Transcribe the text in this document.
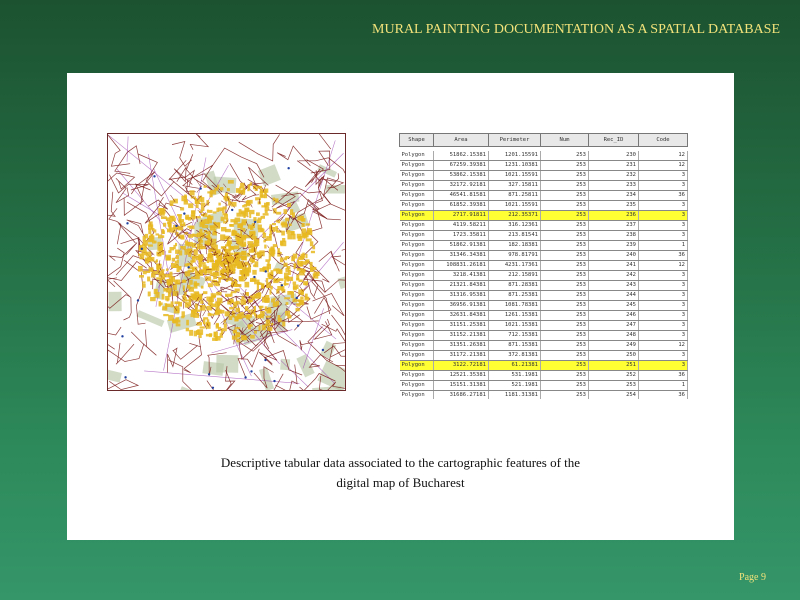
MURAL PAINTING DOCUMENTATION AS A SPATIAL DATABASE
Shape	Area	Perimeter	Num	Rec_ID	Code

Polygon	51862.15381	1201.15591	253	230	12
Polygon	67259.39381	1231.10381	253	231	12
Polygon	53862.15381	1021.15591	253	232	3
Polygon	32172.92181	327.15811	253	233	3
Polygon	46541.81581	871.25811	253	234	36
Polygon	61852.39381	1021.15591	253	235	3
Polygon	2717.91811	212.35371	253	236	3
Polygon	4119.58211	316.12361	253	237	3
Polygon	1723.35811	213.81541	253	238	3
Polygon	51862.91381	182.18381	253	239	1
Polygon	31346.34381	978.81791	253	240	36
Polygon	108831.26181	4231.17361	253	241	12
Polygon	3218.41381	212.15891	253	242	3
Polygon	21321.84381	871.28381	253	243	3
Polygon	31316.95381	871.25381	253	244	3
Polygon	36956.91381	1081.78381	253	245	3
Polygon	32631.84381	1261.15381	253	246	3
Polygon	31151.25381	1021.15381	253	247	3
Polygon	31152.21381	712.15381	253	248	3
Polygon	31351.26381	871.15381	253	249	12
Polygon	31172.21381	372.81381	253	250	3
Polygon	3122.72181	61.21381	253	251	3
Polygon	12521.35381	531.1981	253	252	36
Polygon	15151.31381	521.1981	253	253	1
Polygon	31686.27181	1181.31381	253	254	36
Descriptive tabular data associated to the cartographic features of the
digital map of Bucharest
Page 9
